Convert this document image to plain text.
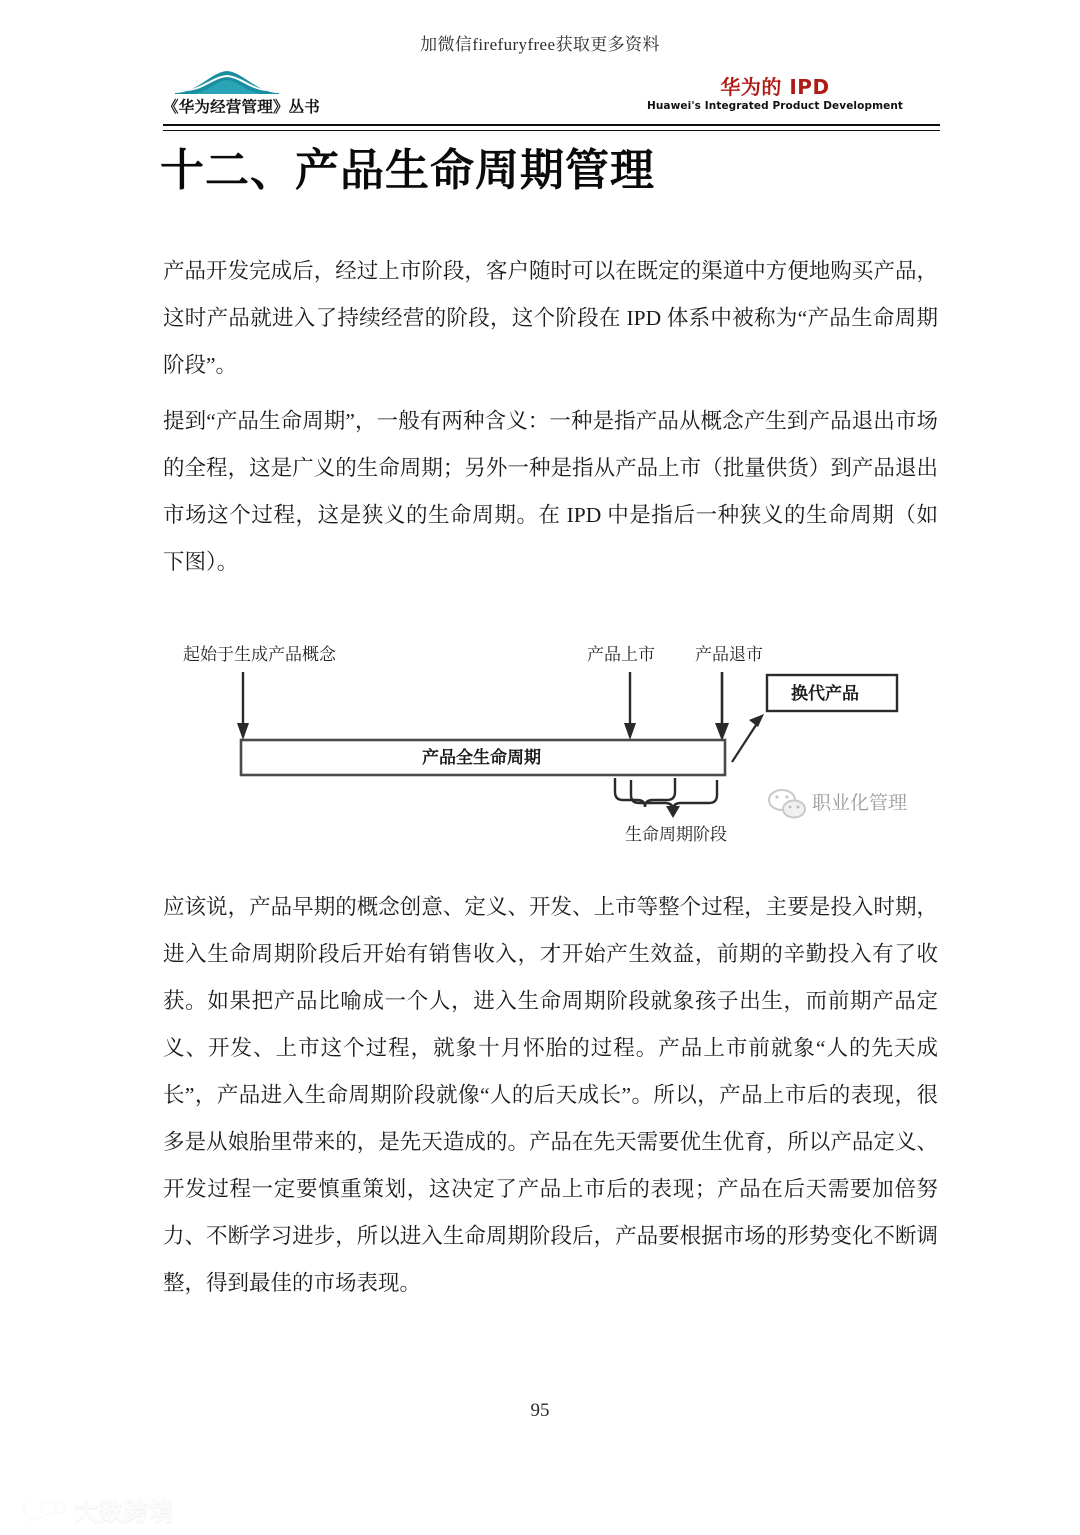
加微信firefuryfree获取更多资料
《华为经营管理》丛书
华为的 IPD
Huawei's Integrated Product Development
十二、产品生命周期管理
产品开发完成后，经过上市阶段，客户随时可以在既定的渠道中方便地购买产品，这时产品就进入了持续经营的阶段，这个阶段在 IPD 体系中被称为“产品生命周期阶段”。
提到“产品生命周期”，一般有两种含义：一种是指产品从概念产生到产品退出市场的全程，这是广义的生命周期；另外一种是指从产品上市（批量供货）到产品退出市场这个过程，这是狭义的生命周期。在 IPD 中是指后一种狭义的生命周期（如下图）。
起始于生成产品概念	产品上市 产品退市
换代产品
产品全生命周期
生命周期阶段
职业化管理
应该说，产品早期的概念创意、定义、开发、上市等整个过程，主要是投入时期，进入生命周期阶段后开始有销售收入，才开始产生效益，前期的辛勤投入有了收获。如果把产品比喻成一个人，进入生命周期阶段就象孩子出生，而前期产品定义、开发、上市这个过程，就象十月怀胎的过程。产品上市前就象“人的先天成长”，产品进入生命周期阶段就像“人的后天成长”。所以，产品上市后的表现，很多是从娘胎里带来的，是先天造成的。产品在先天需要优生优育，所以产品定义、开发过程一定要慎重策划，这决定了产品上市后的表现；产品在后天需要加倍努力、不断学习进步，所以进入生命周期阶段后，产品要根据市场的形势变化不断调整，得到最佳的市场表现。
95
大数跨境
